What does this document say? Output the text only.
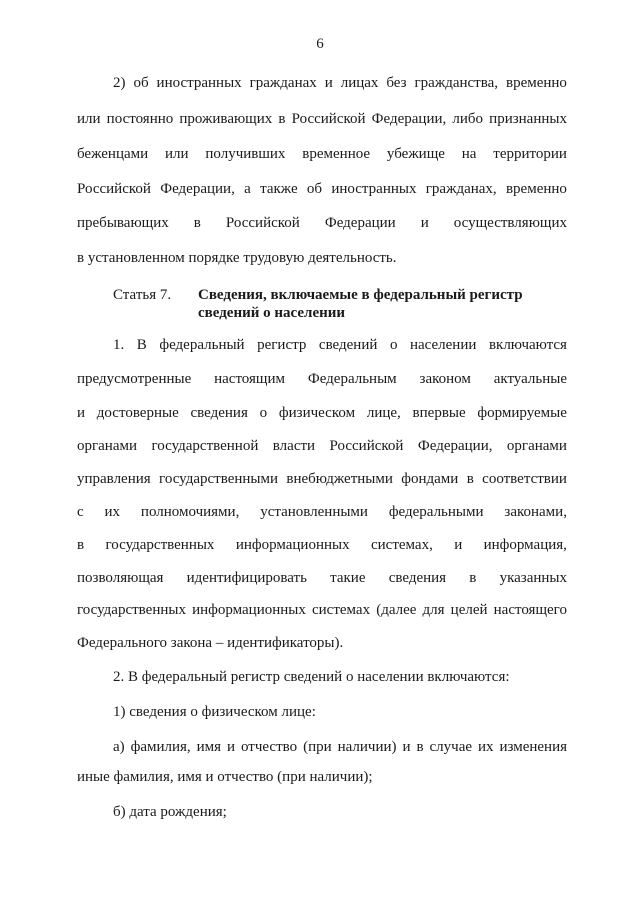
6
2) об иностранных гражданах и лицах без гражданства, временно
или постоянно проживающих в Российской Федерации, либо признанных
беженцами или получивших временное убежище на территории
Российской Федерации, а также об иностранных гражданах, временно
пребывающих в Российской Федерации и осуществляющих
в установленном порядке трудовую деятельность.
Статья 7. Сведения, включаемые в федеральный регистр
сведений о населении
1. В федеральный регистр сведений о населении включаются
предусмотренные настоящим Федеральным законом актуальные
и достоверные сведения о физическом лице, впервые формируемые
органами государственной власти Российской Федерации, органами
управления государственными внебюджетными фондами в соответствии
с их полномочиями, установленными федеральными законами,
в государственных информационных системах, и информация,
позволяющая идентифицировать такие сведения в указанных
государственных информационных системах (далее для целей настоящего
Федерального закона – идентификаторы).
2. В федеральный регистр сведений о населении включаются:
1) сведения о физическом лице:
а) фамилия, имя и отчество (при наличии) и в случае их изменения
иные фамилия, имя и отчество (при наличии);
б) дата рождения;
